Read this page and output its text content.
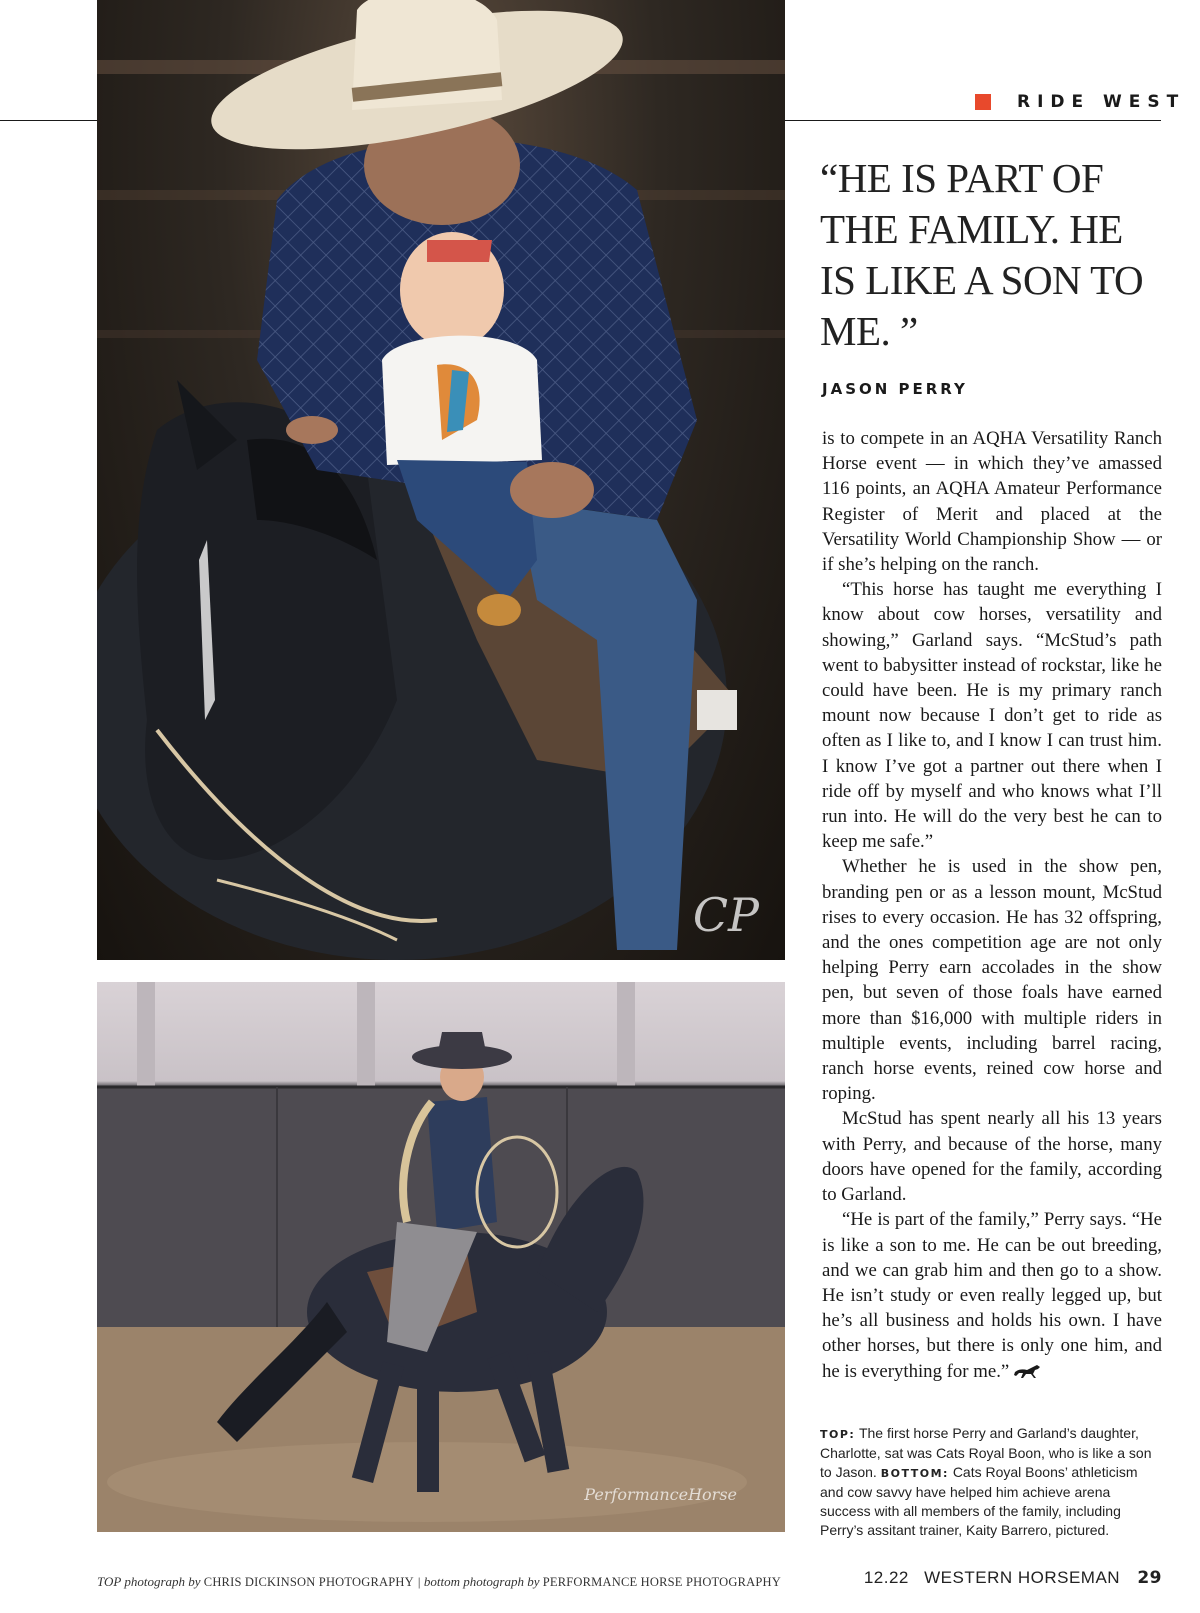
CP
PerformanceHorse
RIDE WEST
“HE IS PART OF THE FAMILY. HE IS LIKE A SON TO ME. ”
JASON PERRY

is to compete in an AQHA Versatility Ranch Horse event — in which they’ve amassed 116 points, an AQHA Amateur Performance Register of Merit and placed at the Versatility World Championship Show — or if she’s helping on the ranch.

“This horse has taught me everything I know about cow horses, versatility and showing,” Garland says. “McStud’s path went to babysitter instead of rockstar, like he could have been. He is my primary ranch mount now because I don’t get to ride as often as I like to, and I know I can trust him. I know I’ve got a partner out there when I ride off by myself and who knows what I’ll run into. He will do the very best he can to keep me safe.”

Whether he is used in the show pen, branding pen or as a lesson mount, McStud rises to every occasion. He has 32 offspring, and the ones competition age are not only helping Perry earn accolades in the show pen, but seven of those foals have earned more than $16,000 with multiple riders in multiple events, including barrel racing, ranch horse events, reined cow horse and roping.

McStud has spent nearly all his 13 years with Perry, and because of the horse, many doors have opened for the family, according to Garland.

“He is part of the family,” Perry says. “He is like a son to me. He can be out breeding, and we can grab him and then go to a show. He isn’t study or even really legged up, but he’s all business and holds his own. I have other horses, but there is only one him, and he is everything for me.”

TOP: The first horse Perry and Garland’s daughter, Charlotte, sat was Cats Royal Boon, who is like a son to Jason. BOTTOM: Cats Royal Boons’ athleticism and cow savvy have helped him achieve arena success with all members of the family, including Perry’s assitant trainer, Kaity Barrero, pictured.
TOP photograph by CHRIS DICKINSON PHOTOGRAPHY | bottom photograph by PERFORMANCE HORSE PHOTOGRAPHY	12.22 WESTERN HORSEMAN 29
